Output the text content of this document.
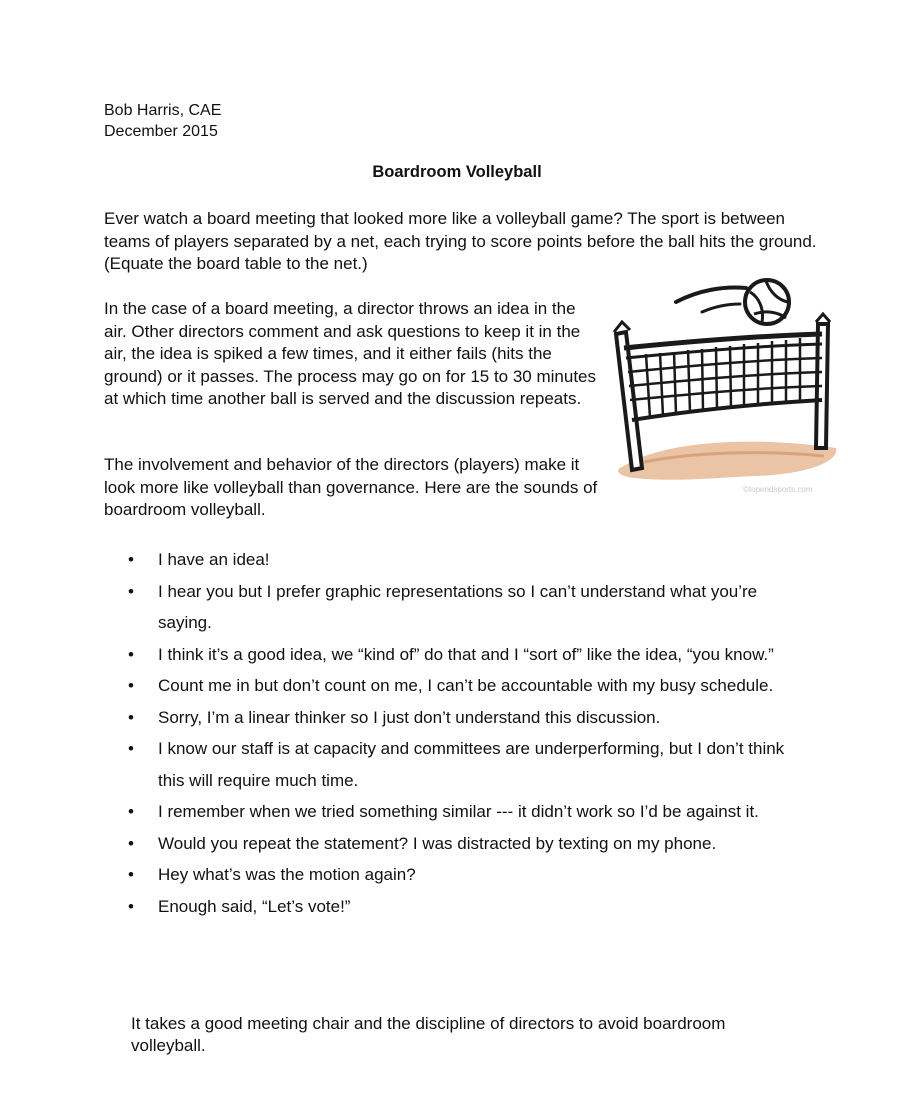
Bob Harris, CAE
December 2015
Boardroom Volleyball
Ever watch a board meeting that looked more like a volleyball game? The sport is between teams of players separated by a net, each trying to score points before the ball hits the ground. (Equate the board table to the net.)
In the case of a board meeting, a director throws an idea in the air. Other directors comment and ask questions to keep it in the air, the idea is spiked a few times, and it either fails (hits the ground) or it passes. The process may go on for 15 to 30 minutes at which time another ball is served and the discussion repeats.
The involvement and behavior of the directors (players) make it look more like volleyball than governance. Here are the sounds of boardroom volleyball.
©topendsports.com
• I have an idea!
• I hear you but I prefer graphic representations so I can’t understand what you’re saying.
• I think it’s a good idea, we “kind of” do that and I “sort of” like the idea, “you know.”
• Count me in but don’t count on me, I can’t be accountable with my busy schedule.
• Sorry, I’m a linear thinker so I just don’t understand this discussion.
• I know our staff is at capacity and committees are underperforming, but I don’t think this will require much time.
• I remember when we tried something similar --- it didn’t work so I’d be against it.
• Would you repeat the statement? I was distracted by texting on my phone.
• Hey what’s was the motion again?
• Enough said, “Let’s vote!”
It takes a good meeting chair and the discipline of directors to avoid boardroom volleyball.
